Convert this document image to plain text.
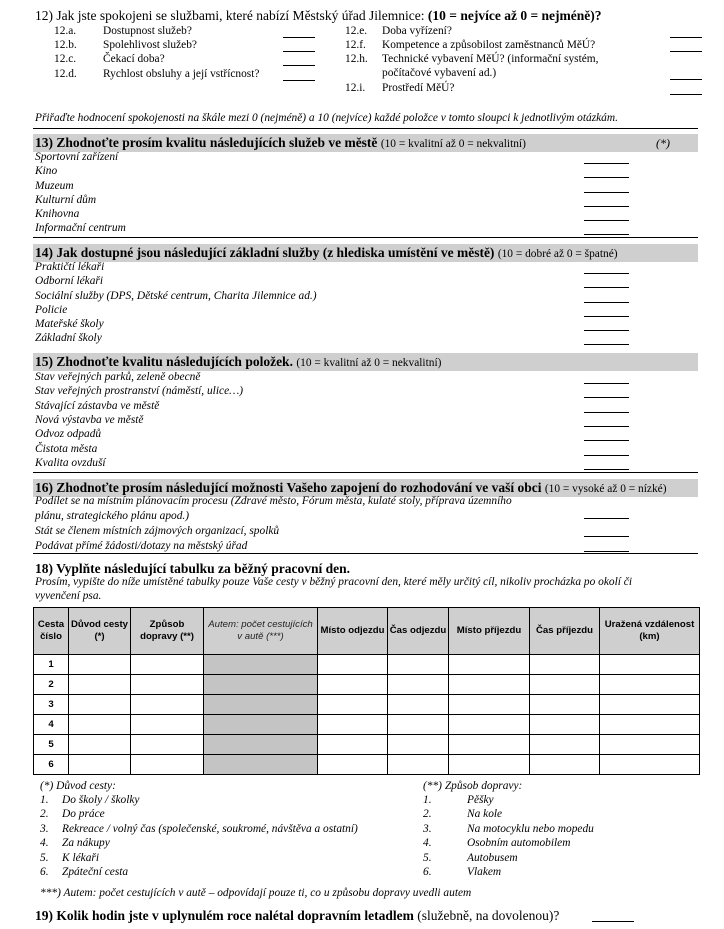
12) Jak jste spokojeni se službami, které nabízí Městský úřad Jilemnice: (10 = nejvíce až 0 = nejméně)?
12.a. Dostupnost služeb?
12.b. Spolehlivost služeb?
12.c. Čekací doba?
12.d. Rychlost obsluhy a její vstřícnost?
12.e. Doba vyřízení?
12.f. Kompetence a způsobilost zaměstnanců MěÚ?
12.h. Technické vybavení MěÚ? (informační systém,
počítačové vybavení ad.)
12.i. Prostředí MěÚ?
Přiřaďte hodnocení spokojenosti na škále mezi 0 (nejméně) a 10 (nejvíce) každé položce v tomto sloupci k jednotlivým otázkám.
13) Zhodnoťte prosím kvalitu následujících služeb ve městě (10 = kvalitní až 0 = nekvalitní)	(*)
Sportovní zařízení
Kino
Muzeum
Kulturní dům
Knihovna
Informační centrum
14) Jak dostupné jsou následující základní služby (z hlediska umístění ve městě) (10 = dobré až 0 = špatné)
Praktičtí lékaři
Odborní lékaři
Sociální služby (DPS, Dětské centrum, Charita Jilemnice ad.)
Policie
Mateřské školy
Základní školy
15) Zhodnoťte kvalitu následujících položek. (10 = kvalitní až 0 = nekvalitní)
Stav veřejných parků, zeleně obecně
Stav veřejných prostranství (náměstí, ulice…)
Stávající zástavba ve městě
Nová výstavba ve městě
Odvoz odpadů
Čistota města
Kvalita ovzduší
16) Zhodnoťte prosím následující možnosti Vašeho zapojení do rozhodování ve vaší obci (10 = vysoké až 0 = nízké)
Podílet se na místním plánovacím procesu (Zdravé město, Fórum města, kulaté stoly, příprava územního
plánu, strategického plánu apod.)
Stát se členem místních zájmových organizací, spolků
Podávat přímé žádosti/dotazy na městský úřad
18) Vyplňte následující tabulku za běžný pracovní den.
Prosím, vypište do níže umístěné tabulky pouze Vaše cesty v běžný pracovní den, které měly určitý cíl, nikoliv procházka po okolí či
vyvenčení psa.
Cesta číslo	Důvod cesty (*)	Způsob dopravy (**)	Autem: počet cestujících v autě (***)	Místo odjezdu	Čas odjezdu	Místo příjezdu	Čas příjezdu	Uražená vzdálenost (km)
1								
2								
3								
4								
5								
6								
(*) Důvod cesty:
1. Do školy / školky
2. Do práce
3. Rekreace / volný čas (společenské, soukromé, návštěva a ostatní)
4. Za nákupy
5. K lékaři
6. Zpáteční cesta
(**) Způsob dopravy:
1.	Pěšky
2.	Na kole
3.	Na motocyklu nebo mopedu
4.	Osobním automobilem
5.	Autobusem
6.	Vlakem
***) Autem: počet cestujících v autě – odpovídají pouze ti, co u způsobu dopravy uvedli autem
19) Kolik hodin jste v uplynulém roce nalétal dopravním letadlem (služebně, na dovolenou)?
